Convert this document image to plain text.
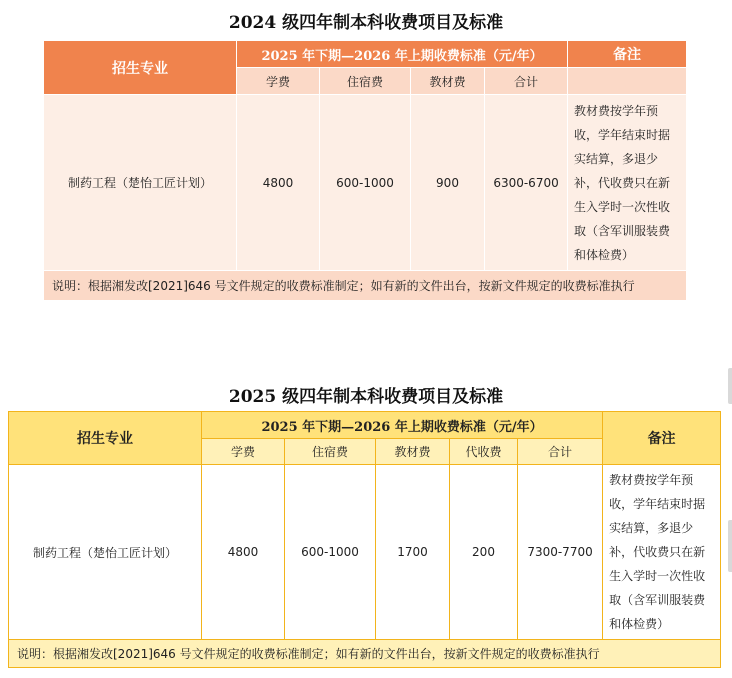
2024 级四年制本科收费项目及标准
招生专业	2025 年下期—2026 年上期收费标准（元/年）				备注
	学费	住宿费	教材费	合计	
制药工程（楚怡工匠计划）	4800	600-1000	900	6300-6700	教材费按学年预收，学年结束时据实结算，多退少补，代收费只在新生入学时一次性收取（含军训服装费和体检费）
说明：根据湘发改[2021]646 号文件规定的收费标准制定；如有新的文件出台，按新文件规定的收费标准执行					
2025 级四年制本科收费项目及标准
招生专业	2025 年下期—2026 年上期收费标准（元/年）					备注
	学费	住宿费	教材费	代收费	合计	
制药工程（楚怡工匠计划）	4800	600-1000	1700	200	7300-7700	教材费按学年预收，学年结束时据实结算，多退少补，代收费只在新生入学时一次性收取（含军训服装费和体检费）
说明：根据湘发改[2021]646 号文件规定的收费标准制定；如有新的文件出台，按新文件规定的收费标准执行						
